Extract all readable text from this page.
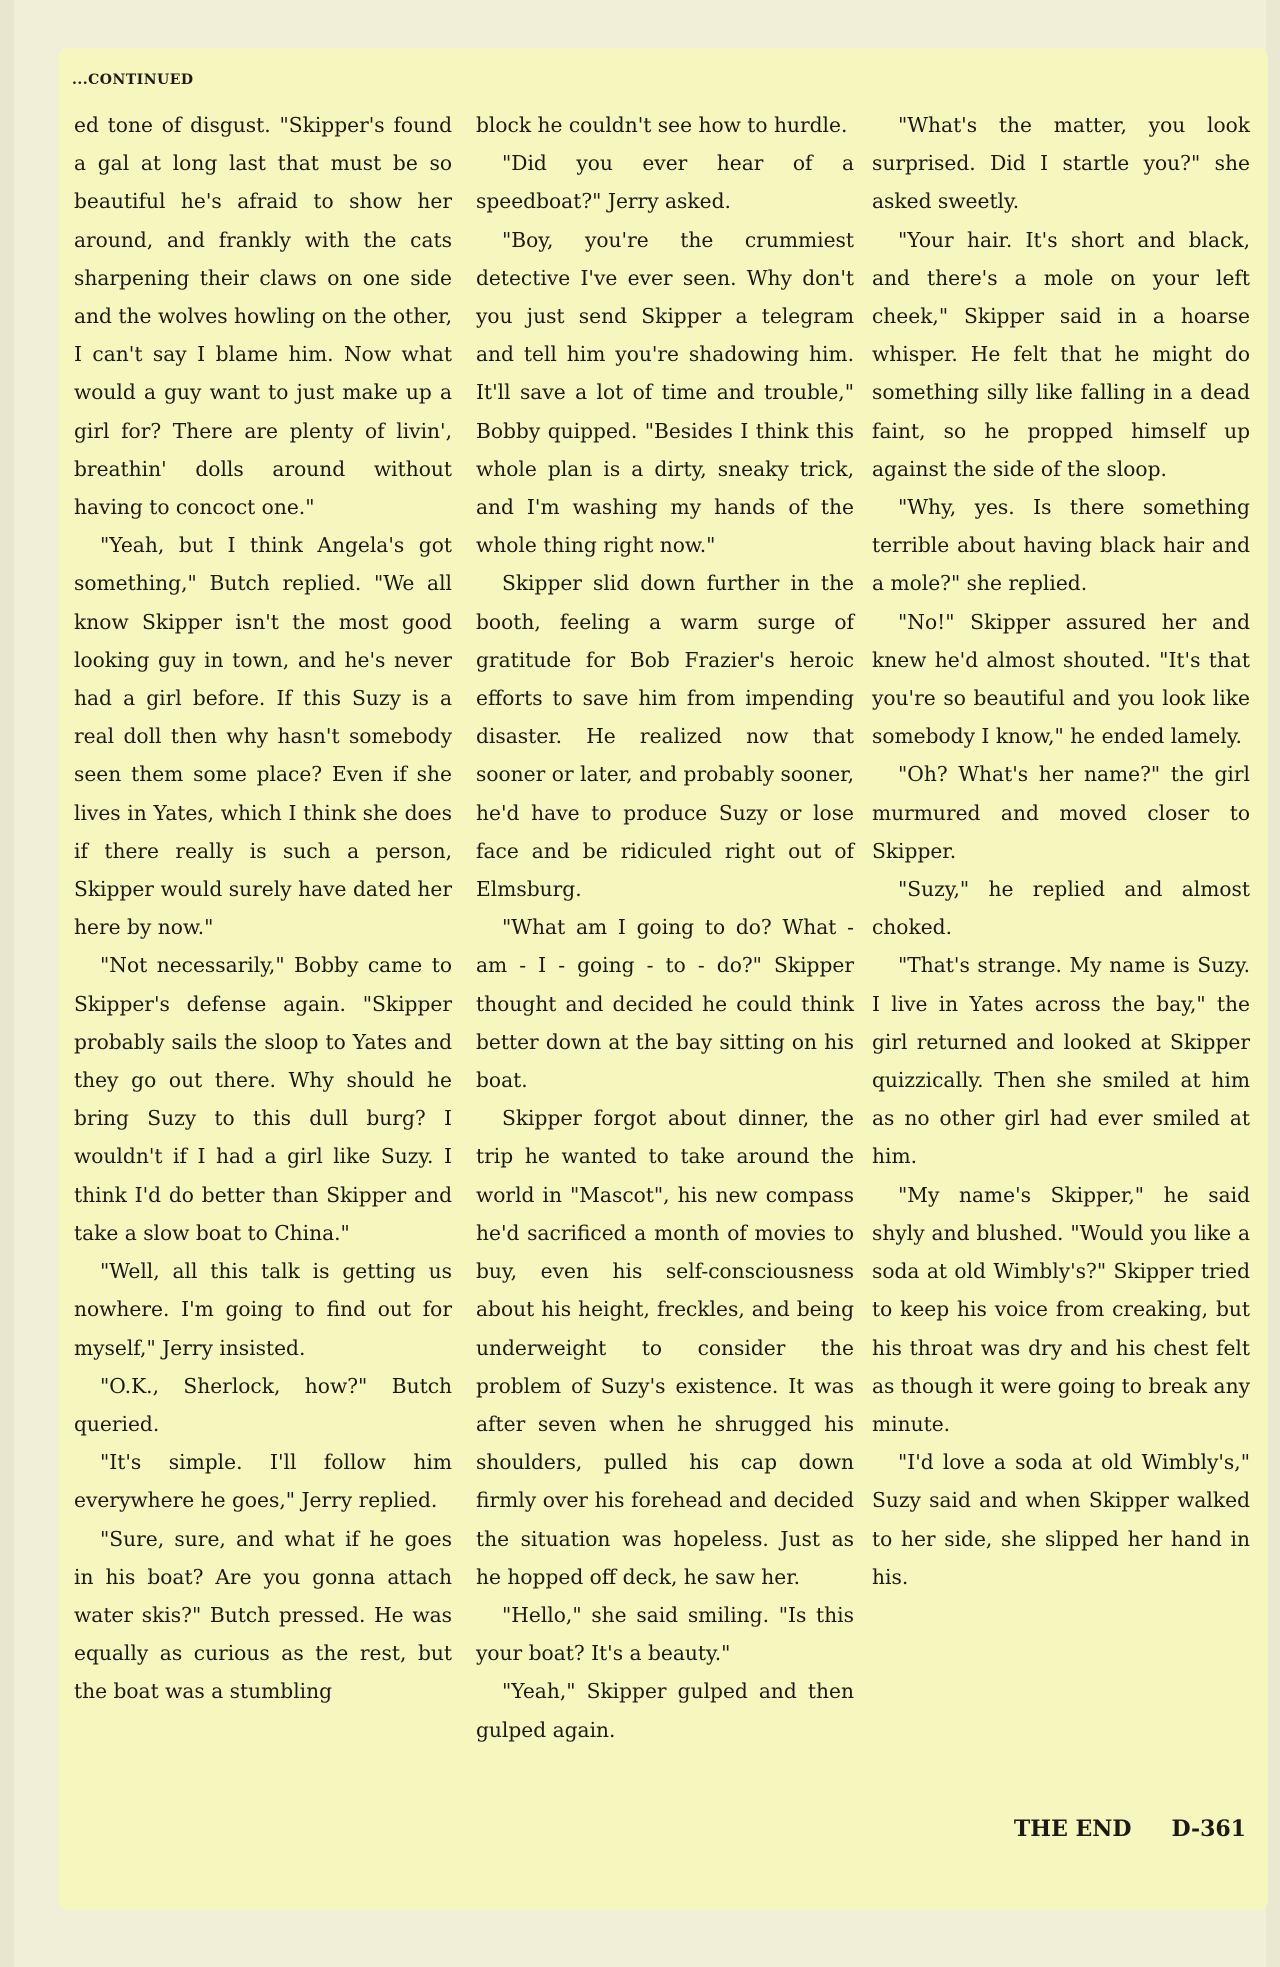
...CONTINUED

ed tone of disgust. "Skipper's found a gal at long last that must be so beautiful he's afraid to show her around, and frankly with the cats sharpening their claws on one side and the wolves howling on the other, I can't say I blame him. Now what would a guy want to just make up a girl for? There are plenty of livin', breathin' dolls around without having to concoct one."

"Yeah, but I think Angela's got something," Butch replied. "We all know Skipper isn't the most good looking guy in town, and he's never had a girl before. If this Suzy is a real doll then why hasn't somebody seen them some place? Even if she lives in Yates, which I think she does if there really is such a person, Skipper would surely have dated her here by now."

"Not necessarily," Bobby came to Skipper's defense again. "Skipper probably sails the sloop to Yates and they go out there. Why should he bring Suzy to this dull burg? I wouldn't if I had a girl like Suzy. I think I'd do better than Skipper and take a slow boat to China."

"Well, all this talk is getting us nowhere. I'm going to find out for myself," Jerry insisted.

"O.K., Sherlock, how?" Butch queried.

"It's simple. I'll follow him everywhere he goes," Jerry replied.

"Sure, sure, and what if he goes in his boat? Are you gonna attach water skis?" Butch pressed. He was equally as curious as the rest, but the boat was a stumbling

block he couldn't see how to hurdle.

"Did you ever hear of a speedboat?" Jerry asked.

"Boy, you're the crummiest detective I've ever seen. Why don't you just send Skipper a telegram and tell him you're shadowing him. It'll save a lot of time and trouble," Bobby quipped. "Besides I think this whole plan is a dirty, sneaky trick, and I'm washing my hands of the whole thing right now."

Skipper slid down further in the booth, feeling a warm surge of gratitude for Bob Frazier's heroic efforts to save him from impending disaster. He realized now that sooner or later, and probably sooner, he'd have to produce Suzy or lose face and be ridiculed right out of Elmsburg.

"What am I going to do? What - am - I - going - to - do?" Skipper thought and decided he could think better down at the bay sitting on his boat.

Skipper forgot about dinner, the trip he wanted to take around the world in "Mascot", his new compass he'd sacrificed a month of movies to buy, even his self-consciousness about his height, freckles, and being underweight to consider the problem of Suzy's existence. It was after seven when he shrugged his shoulders, pulled his cap down firmly over his forehead and decided the situation was hopeless. Just as he hopped off deck, he saw her.

"Hello," she said smiling. "Is this your boat? It's a beauty."

"Yeah," Skipper gulped and then gulped again.

"What's the matter, you look surprised. Did I startle you?" she asked sweetly.

"Your hair. It's short and black, and there's a mole on your left cheek," Skipper said in a hoarse whisper. He felt that he might do something silly like falling in a dead faint, so he propped himself up against the side of the sloop.

"Why, yes. Is there something terrible about having black hair and a mole?" she replied.

"No!" Skipper assured her and knew he'd almost shouted. "It's that you're so beautiful and you look like somebody I know," he ended lamely.

"Oh? What's her name?" the girl murmured and moved closer to Skipper.

"Suzy," he replied and almost choked.

"That's strange. My name is Suzy. I live in Yates across the bay," the girl returned and looked at Skipper quizzically. Then she smiled at him as no other girl had ever smiled at him.

"My name's Skipper," he said shyly and blushed. "Would you like a soda at old Wimbly's?" Skipper tried to keep his voice from creaking, but his throat was dry and his chest felt as though it were going to break any minute.

"I'd love a soda at old Wimbly's," Suzy said and when Skipper walked to her side, she slipped her hand in his.

THE END D-361
